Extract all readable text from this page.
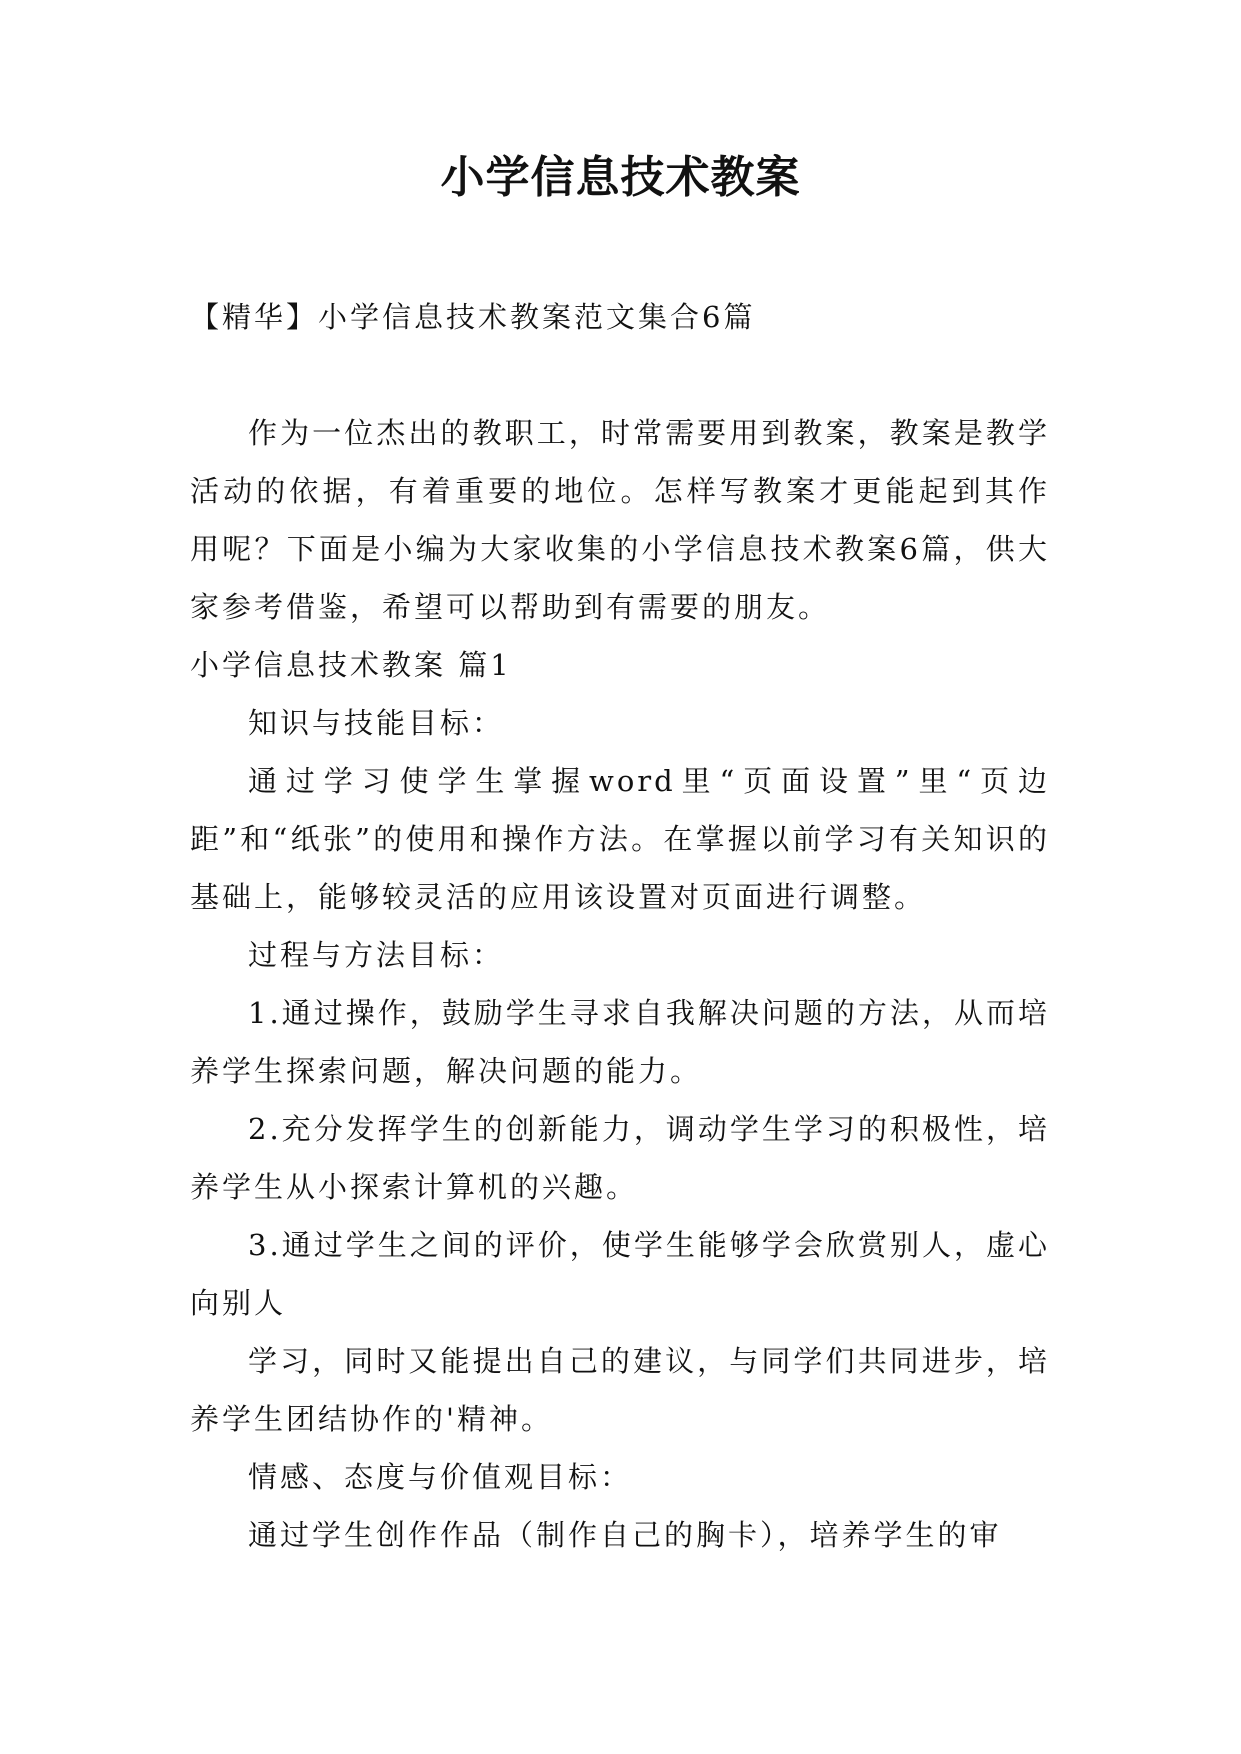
小学信息技术教案

【精华】小学信息技术教案范文集合6篇

作为一位杰出的教职工，时常需要用到教案，教案是教学活动的依据，有着重要的地位。怎样写教案才更能起到其作用呢？下面是小编为大家收集的小学信息技术教案6篇，供大家参考借鉴，希望可以帮助到有需要的朋友。

小学信息技术教案 篇1

知识与技能目标：

通过学习使学生掌握word里“页面设置”里“页边距”和“纸张”的使用和操作方法。在掌握以前学习有关知识的基础上，能够较灵活的应用该设置对页面进行调整。

过程与方法目标：

1.通过操作，鼓励学生寻求自我解决问题的方法，从而培养学生探索问题，解决问题的能力。

2.充分发挥学生的创新能力，调动学生学习的积极性，培养学生从小探索计算机的兴趣。

3.通过学生之间的评价，使学生能够学会欣赏别人，虚心向别人

学习，同时又能提出自己的建议，与同学们共同进步，培养学生团结协作的'精神。

情感、态度与价值观目标：

通过学生创作作品（制作自己的胸卡），培养学生的审
